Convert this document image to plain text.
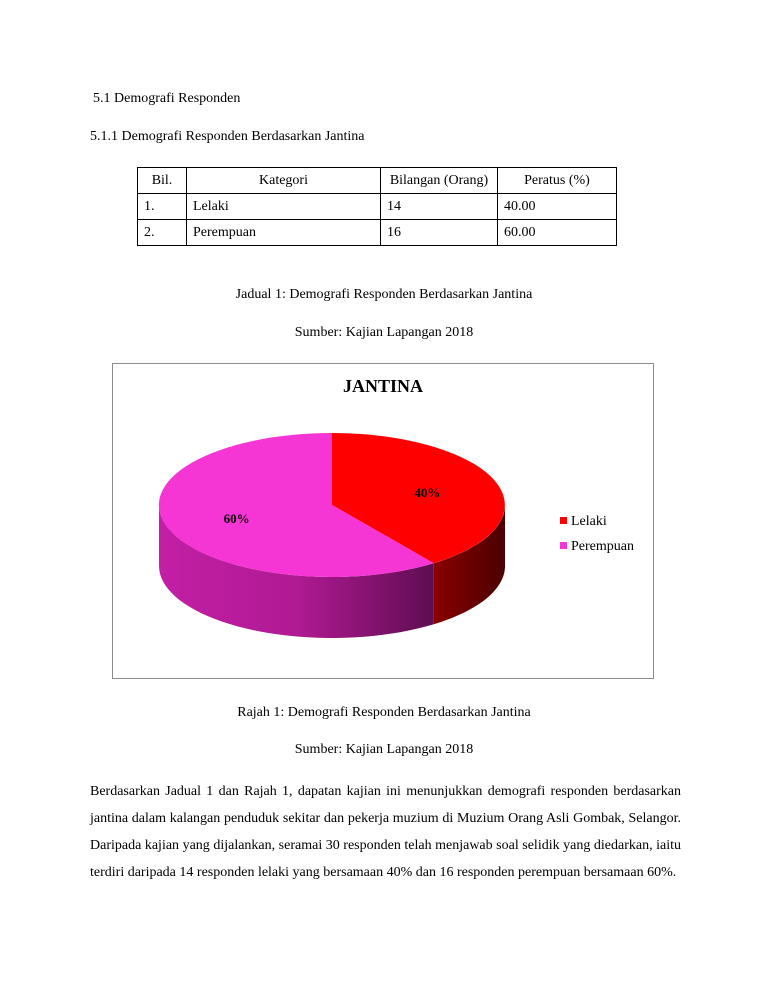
5.1 Demografi Responden
5.1.1 Demografi Responden Berdasarkan Jantina
Bil.	Kategori	Bilangan (Orang)	Peratus (%)
1.	Lelaki	14	40.00
2.	Perempuan	16	60.00
Jadual 1: Demografi Responden Berdasarkan Jantina
Sumber: Kajian Lapangan 2018
JANTINA
40%
60%	Lelaki
Perempuan
Rajah 1: Demografi Responden Berdasarkan Jantina
Sumber: Kajian Lapangan 2018
Berdasarkan Jadual 1 dan Rajah 1, dapatan kajian ini menunjukkan demografi responden berdasarkan jantina dalam kalangan penduduk sekitar dan pekerja muzium di Muzium Orang Asli Gombak, Selangor. Daripada kajian yang dijalankan, seramai 30 responden telah menjawab soal selidik yang diedarkan, iaitu terdiri daripada 14 responden lelaki yang bersamaan 40% dan 16 responden perempuan bersamaan 60%.
